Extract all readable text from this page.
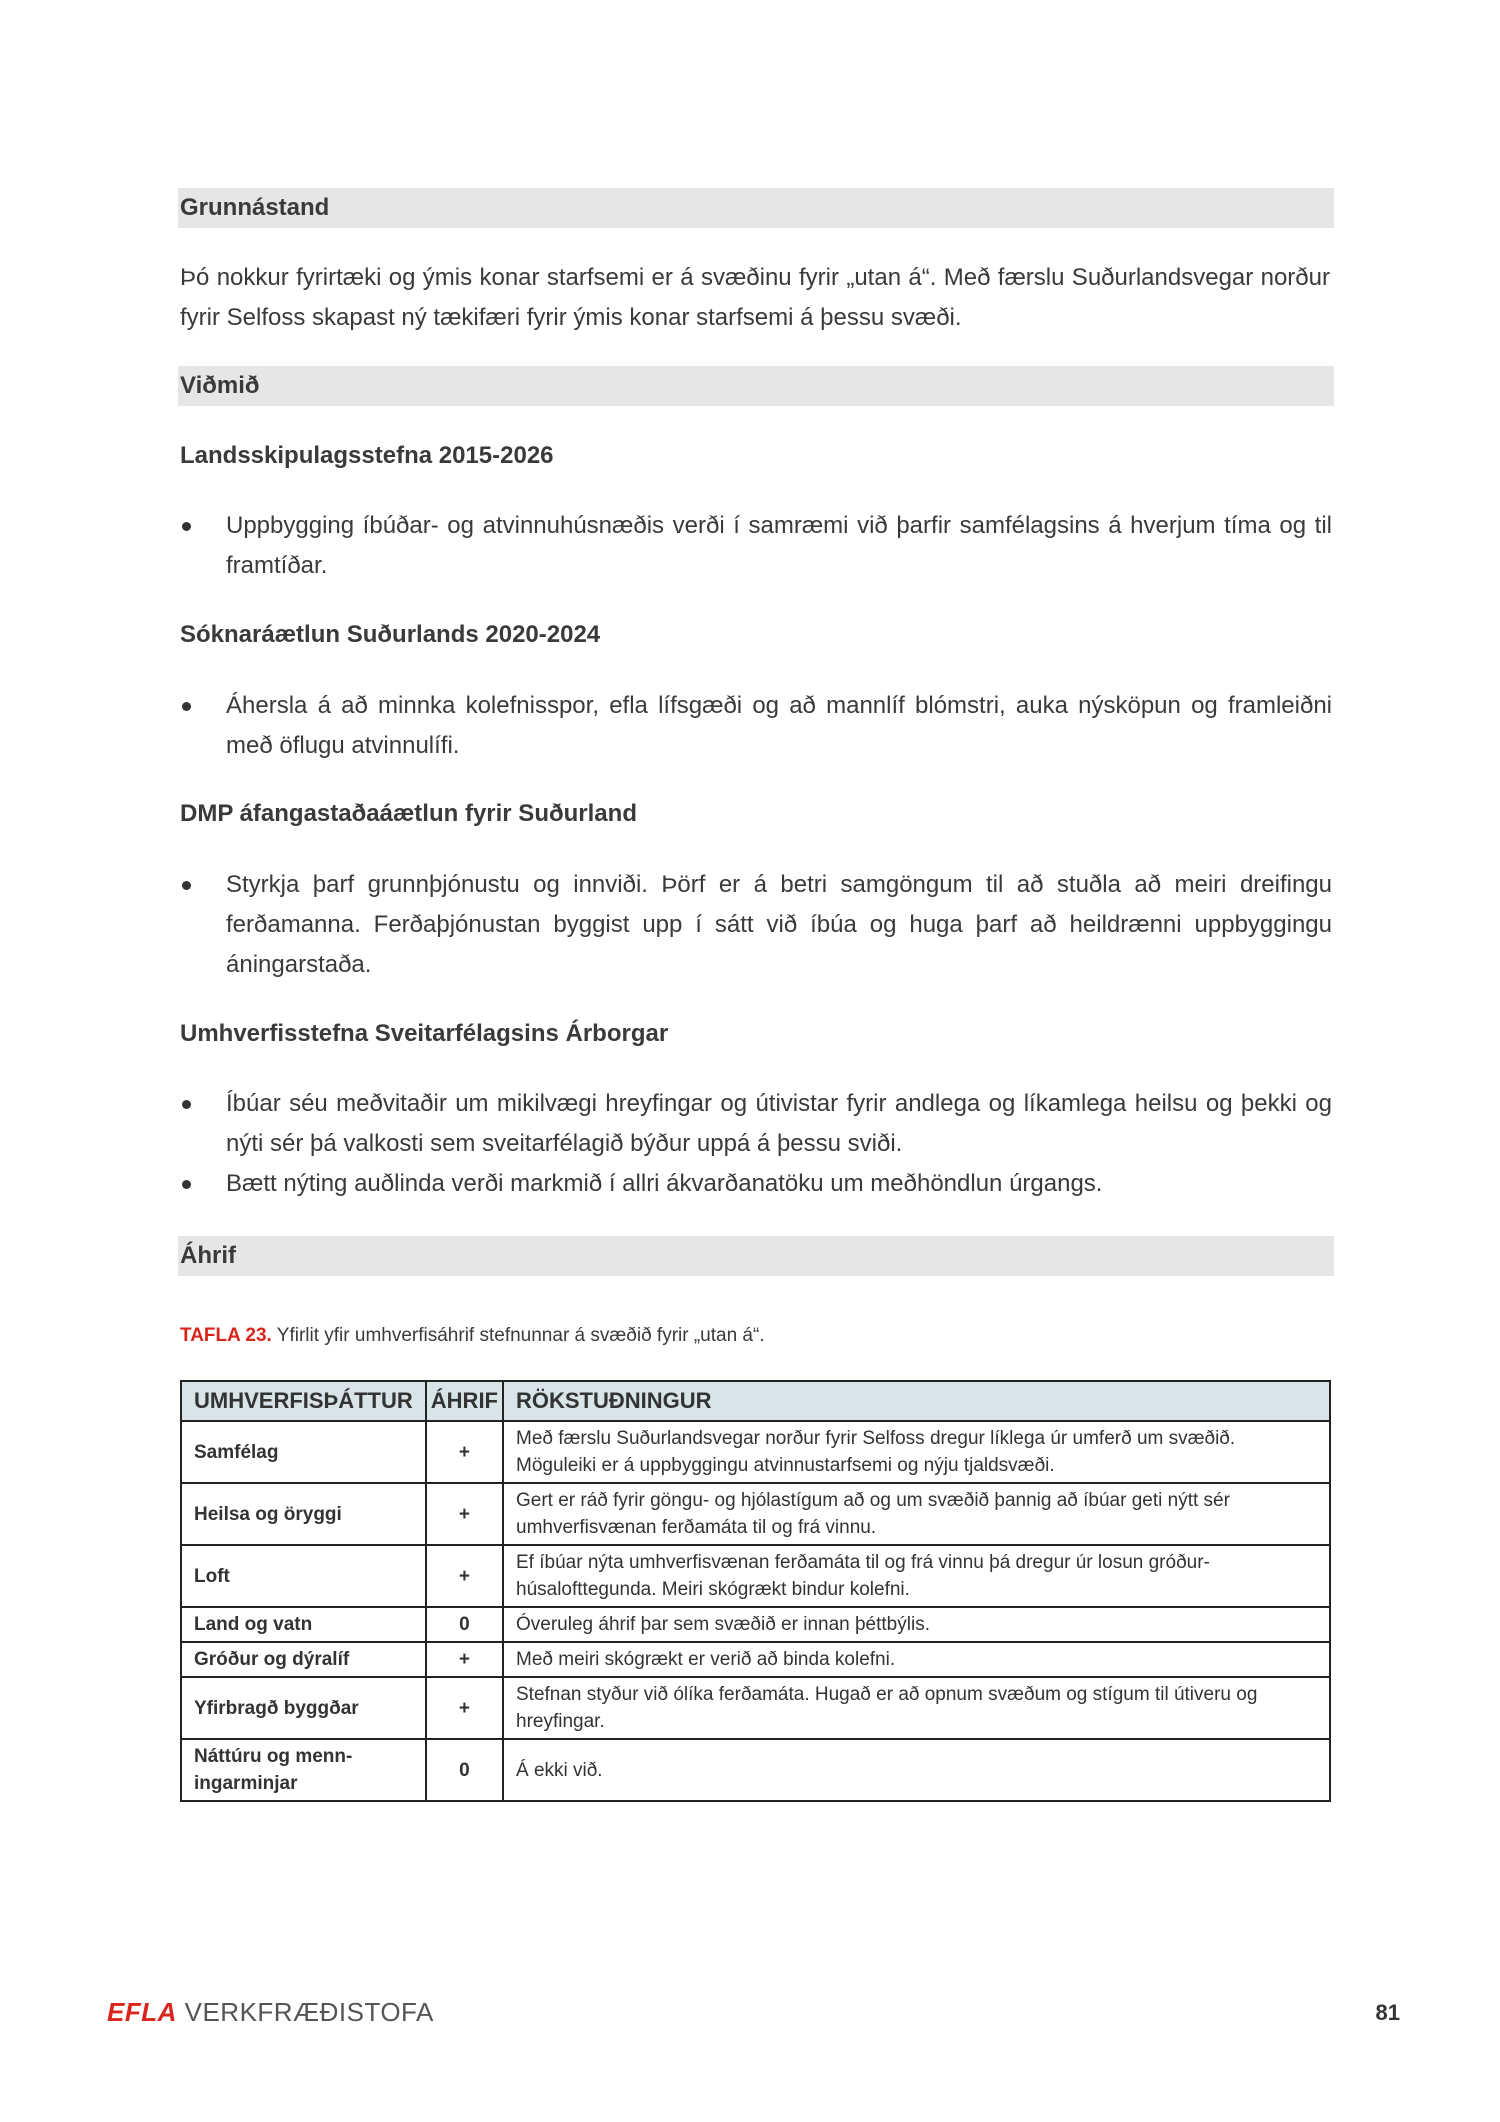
Grunnástand
Þó nokkur fyrirtæki og ýmis konar starfsemi er á svæðinu fyrir „utan á“. Með færslu Suðurlandsvegar norður fyrir Selfoss skapast ný tækifæri fyrir ýmis konar starfsemi á þessu svæði.
Viðmið
Landsskipulagsstefna 2015-2026
Uppbygging íbúðar- og atvinnuhúsnæðis verði í samræmi við þarfir samfélagsins á hverjum tíma og til framtíðar.
Sóknaráætlun Suðurlands 2020-2024
Áhersla á að minnka kolefnisspor, efla lífsgæði og að mannlíf blómstri, auka nýsköpun og framleiðni með öflugu atvinnulífi.
DMP áfangastaðaáætlun fyrir Suðurland
Styrkja þarf grunnþjónustu og innviði. Þörf er á betri samgöngum til að stuðla að meiri dreifingu ferðamanna. Ferðaþjónustan byggist upp í sátt við íbúa og huga þarf að heildrænni uppbyggingu áningarstaða.
Umhverfisstefna Sveitarfélagsins Árborgar
Íbúar séu meðvitaðir um mikilvægi hreyfingar og útivistar fyrir andlega og líkamlega heilsu og þekki og nýti sér þá valkosti sem sveitarfélagið býður uppá á þessu sviði.
Bætt nýting auðlinda verði markmið í allri ákvarðanatöku um meðhöndlun úrgangs.
Áhrif
TAFLA 23. Yfirlit yfir umhverfisáhrif stefnunnar á svæðið fyrir „utan á“.
UMHVERFISÞÁTTUR	ÁHRIF	RÖKSTUÐNINGUR
Samfélag	+	Með færslu Suðurlandsvegar norður fyrir Selfoss dregur líklega úr umferð um svæðið. Möguleiki er á uppbyggingu atvinnustarfsemi og nýju tjaldsvæði.
Heilsa og öryggi	+	Gert er ráð fyrir göngu- og hjólastígum að og um svæðið þannig að íbúar geti nýtt sér umhverfisvænan ferðamáta til og frá vinnu.
Loft	+	Ef íbúar nýta umhverfisvænan ferðamáta til og frá vinnu þá dregur úr losun gróður-húsalofttegunda. Meiri skógrækt bindur kolefni.
Land og vatn	0	Óveruleg áhrif þar sem svæðið er innan þéttbýlis.
Gróður og dýralíf	+	Með meiri skógrækt er verið að binda kolefni.
Yfirbragð byggðar	+	Stefnan styður við ólíka ferðamáta. Hugað er að opnum svæðum og stígum til útiveru og hreyfingar.
Náttúru og menn-ingarminjar	0	Á ekki við.
EFLA VERKFRÆÐISTOFA	81
